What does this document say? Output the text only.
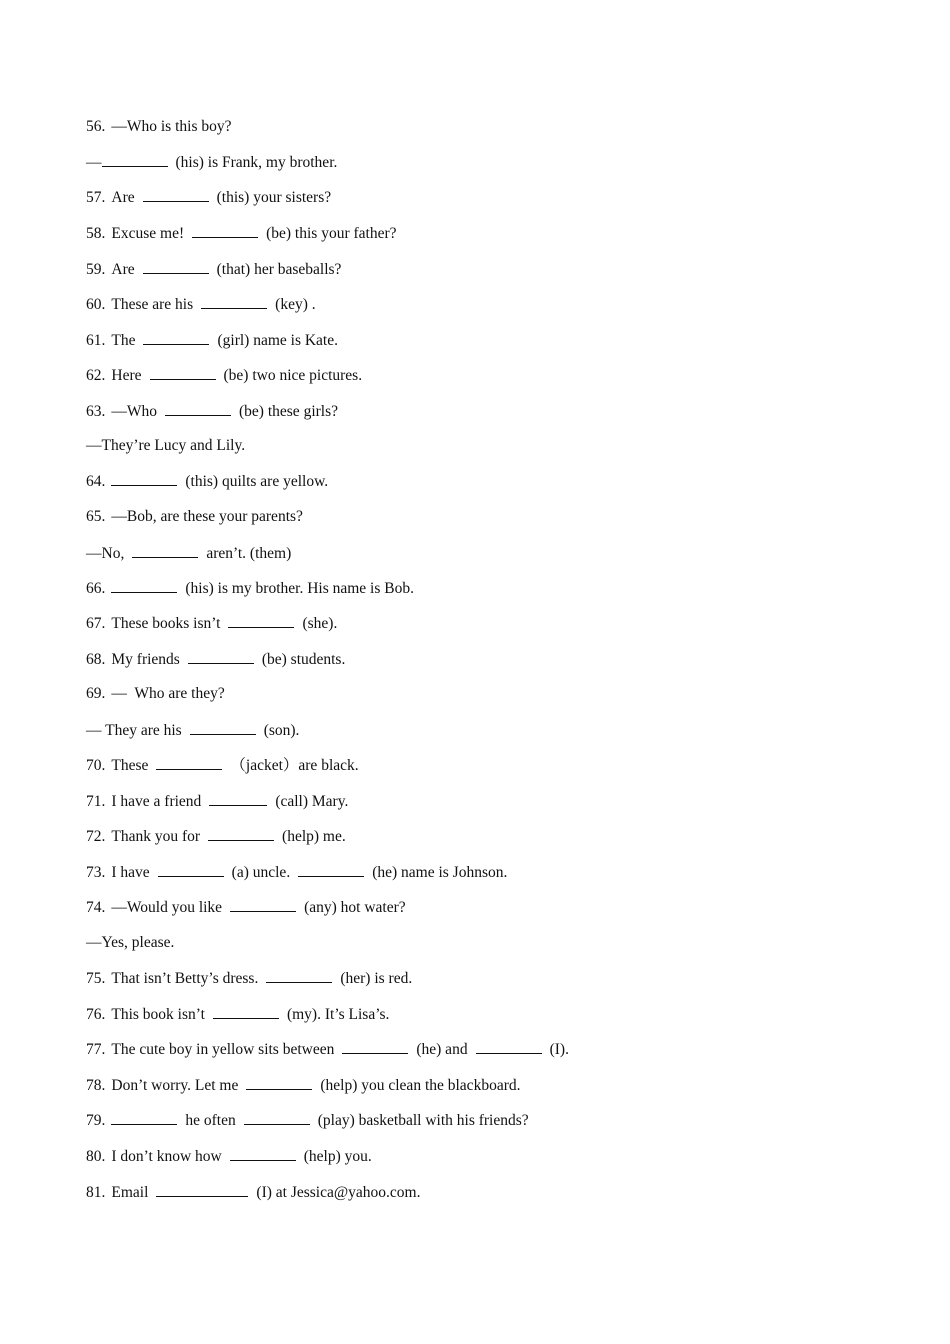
56. —Who is this boy?
—	(his) is Frank, my brother.
57. Are	(this) your sisters?
58. Excuse me!	(be) this your father?
59. Are	(that) her baseballs?
60. These are his	(key) .
61. The	(girl) name is Kate.
62. Here	(be) two nice pictures.
63. —Who	(be) these girls?
—They’re Lucy and Lily.
64.	(this) quilts are yellow.
65. —Bob, are these your parents?
—No,	aren’t. (them)
66.	(his) is my brother. His name is Bob.
67. These books isn’t	(she).
68. My friends	(be) students.
69. —  Who are they?
— They are his	(son).
70. These	（jacket）are black.
71. I have a friend	(call) Mary.
72. Thank you for	(help) me.
73. I have	(a) uncle.	(he) name is Johnson.
74. —Would you like	(any) hot water?
—Yes, please.
75. That isn’t Betty’s dress.	(her) is red.
76. This book isn’t	(my). It’s Lisa’s.
77. The cute boy in yellow sits between	(he) and	(I).
78. Don’t worry. Let me	(help) you clean the blackboard.
79.	he often	(play) basketball with his friends?
80. I don’t know how	(help) you.
81. Email	(I) at Jessica@yahoo.com.
